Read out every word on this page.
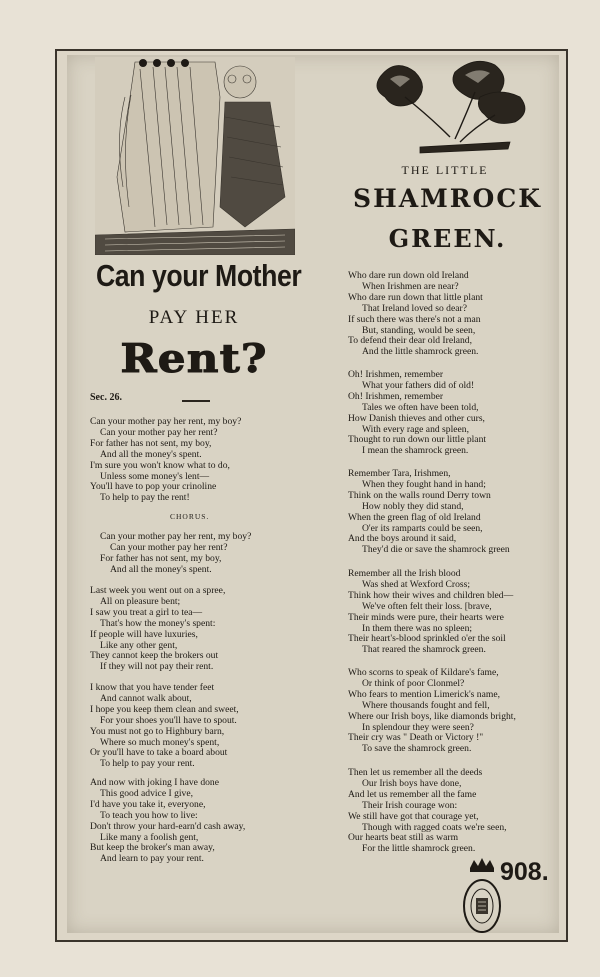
Can your Mother
PAY HER
Rent?
Sec. 26.
CHORUS.
Can your mother pay her rent, my boy?
Can your mother pay her rent?
For father has not sent, my boy,
And all the money's spent.
I'm sure you won't know what to do,
Unless some money's lent—
You'll have to pop your crinoline
To help to pay the rent!
Can your mother pay her rent, my boy?
Can your mother pay her rent?
For father has not sent, my boy,
And all the money's spent.
Last week you went out on a spree,
All on pleasure bent;
I saw you treat a girl to tea—
That's how the money's spent:
If people will have luxuries,
Like any other gent,
They cannot keep the brokers out
If they will not pay their rent.
I know that you have tender feet
And cannot walk about,
I hope you keep them clean and sweet,
For your shoes you'll have to spout.
You must not go to Highbury barn,
Where so much money's spent,
Or you'll have to take a board about
To help to pay your rent.
And now with joking I have done
This good advice I give,
I'd have you take it, everyone,
To teach you how to live:
Don't throw your hard-earn'd cash away,
Like many a foolish gent,
But keep the broker's man away,
And learn to pay your rent.
THE LITTLE
SHAMROCK
GREEN.
Who dare run down old Ireland
When Irishmen are near?
Who dare run down that little plant
That Ireland loved so dear?
If such there was there's not a man
But, standing, would be seen,
To defend their dear old Ireland,
And the little shamrock green.
Oh! Irishmen, remember
What your fathers did of old!
Oh! Irishmen, remember
Tales we often have been told,
How Danish thieves and other curs,
With every rage and spleen,
Thought to run down our little plant
I mean the shamrock green.
Remember Tara, Irishmen,
When they fought hand in hand;
Think on the walls round Derry town
How nobly they did stand,
When the green flag of old Ireland
O'er its ramparts could be seen,
And the boys around it said,
They'd die or save the shamrock green
Remember all the Irish blood
Was shed at Wexford Cross;
Think how their wives and children bled—
We've often felt their loss. [brave,
Their minds were pure, their hearts were
In them there was no spleen;
Their heart's-blood sprinkled o'er the soil
That reared the shamrock green.
Who scorns to speak of Kildare's fame,
Or think of poor Clonmel?
Who fears to mention Limerick's name,
Where thousands fought and fell,
Where our Irish boys, like diamonds bright,
In splendour they were seen?
Their cry was " Death or Victory !"
To save the shamrock green.
Then let us remember all the deeds
Our Irish boys have done,
And let us remember all the fame
Their Irish courage won:
We still have got that courage yet,
Though with ragged coats we're seen,
Our hearts beat still as warm
For the little shamrock green.
908.
